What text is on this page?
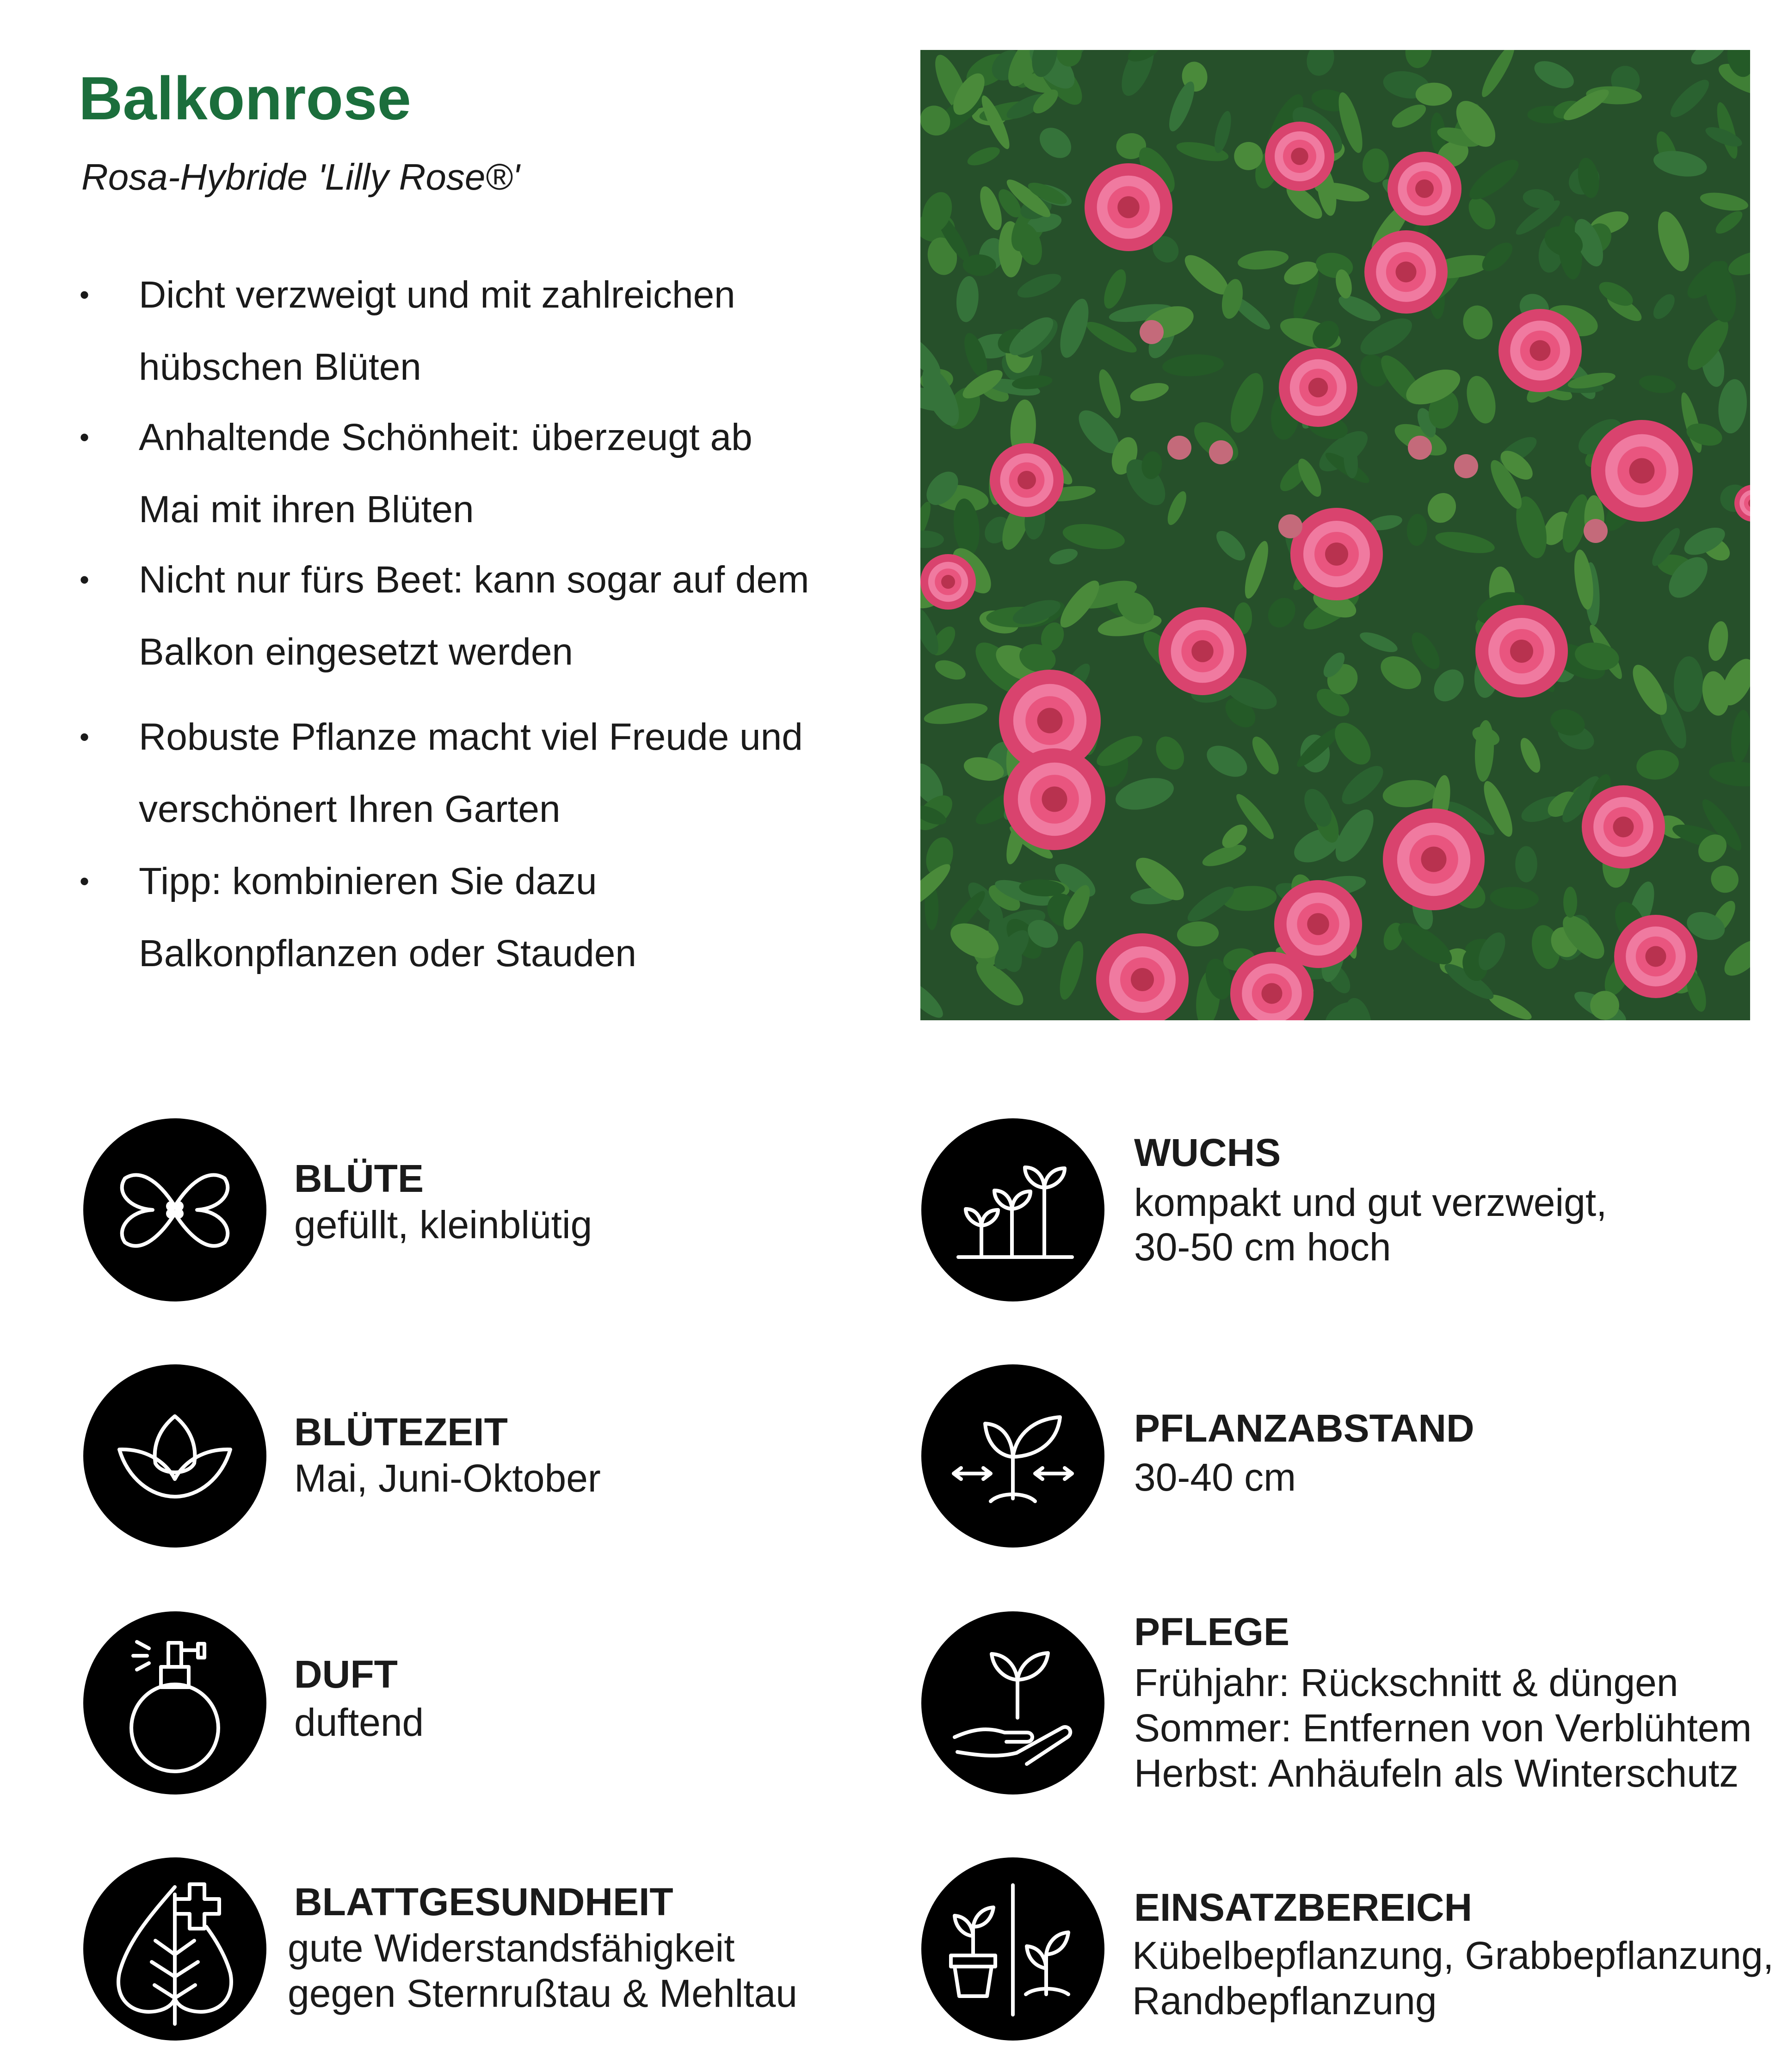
Balkonrose

Rosa-Hybride 'Lilly Rose®'

• Dicht verzweigt und mit zahlreichen
hübschen Blüten
• Anhaltende Schönheit: überzeugt ab
Mai mit ihren Blüten
• Nicht nur fürs Beet: kann sogar auf dem
Balkon eingesetzt werden
• Robuste Pflanze macht viel Freude und
verschönert Ihren Garten
• Tipp: kombinieren Sie dazu
Balkonpflanzen oder Stauden
BLÜTE
gefüllt, kleinblütig
WUCHS
kompakt und gut verzweigt,
30-50 cm hoch
BLÜTEZEIT
Mai, Juni-Oktober
PFLANZABSTAND
30-40 cm
DUFT
duftend
PFLEGE
Frühjahr: Rückschnitt & düngen
Sommer: Entfernen von Verblühtem
Herbst: Anhäufeln als Winterschutz
BLATTGESUNDHEIT
gute Widerstandsfähigkeit
gegen Sternrußtau & Mehltau
EINSATZBEREICH
Kübelbepflanzung, Grabbepflanzung,
Randbepflanzung
